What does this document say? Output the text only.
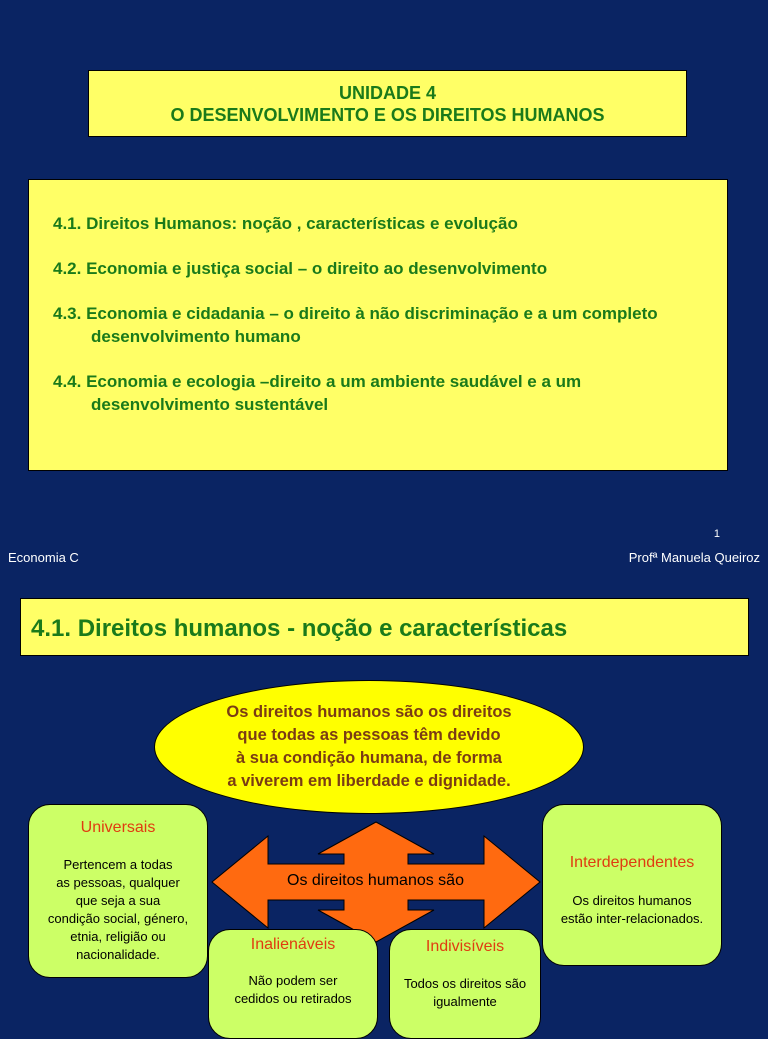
UNIDADE 4
O DESENVOLVIMENTO E OS DIREITOS HUMANOS
4.1. Direitos Humanos: noção , características e evolução
4.2. Economia e justiça social – o direito ao desenvolvimento
4.3. Economia e cidadania – o direito à não discriminação e a um completo
desenvolvimento humano
4.4. Economia e ecologia –direito a um ambiente saudável e a um
desenvolvimento sustentável
1
Economia C	Profª Manuela Queiroz
4.1. Direitos humanos - noção e características
Os direitos humanos são os direitos
que todas as pessoas têm devido
à sua condição humana, de forma
a viverem em liberdade e dignidade.
Universais
Pertencem a todas
as pessoas, qualquer
que seja a sua
condição social, género,
etnia, religião ou
nacionalidade.
Interdependentes
Os direitos humanos
estão inter-relacionados.
Os direitos humanos são
Inalienáveis
Não podem ser
cedidos ou retirados
Indivisíveis
Todos os direitos são
igualmente
